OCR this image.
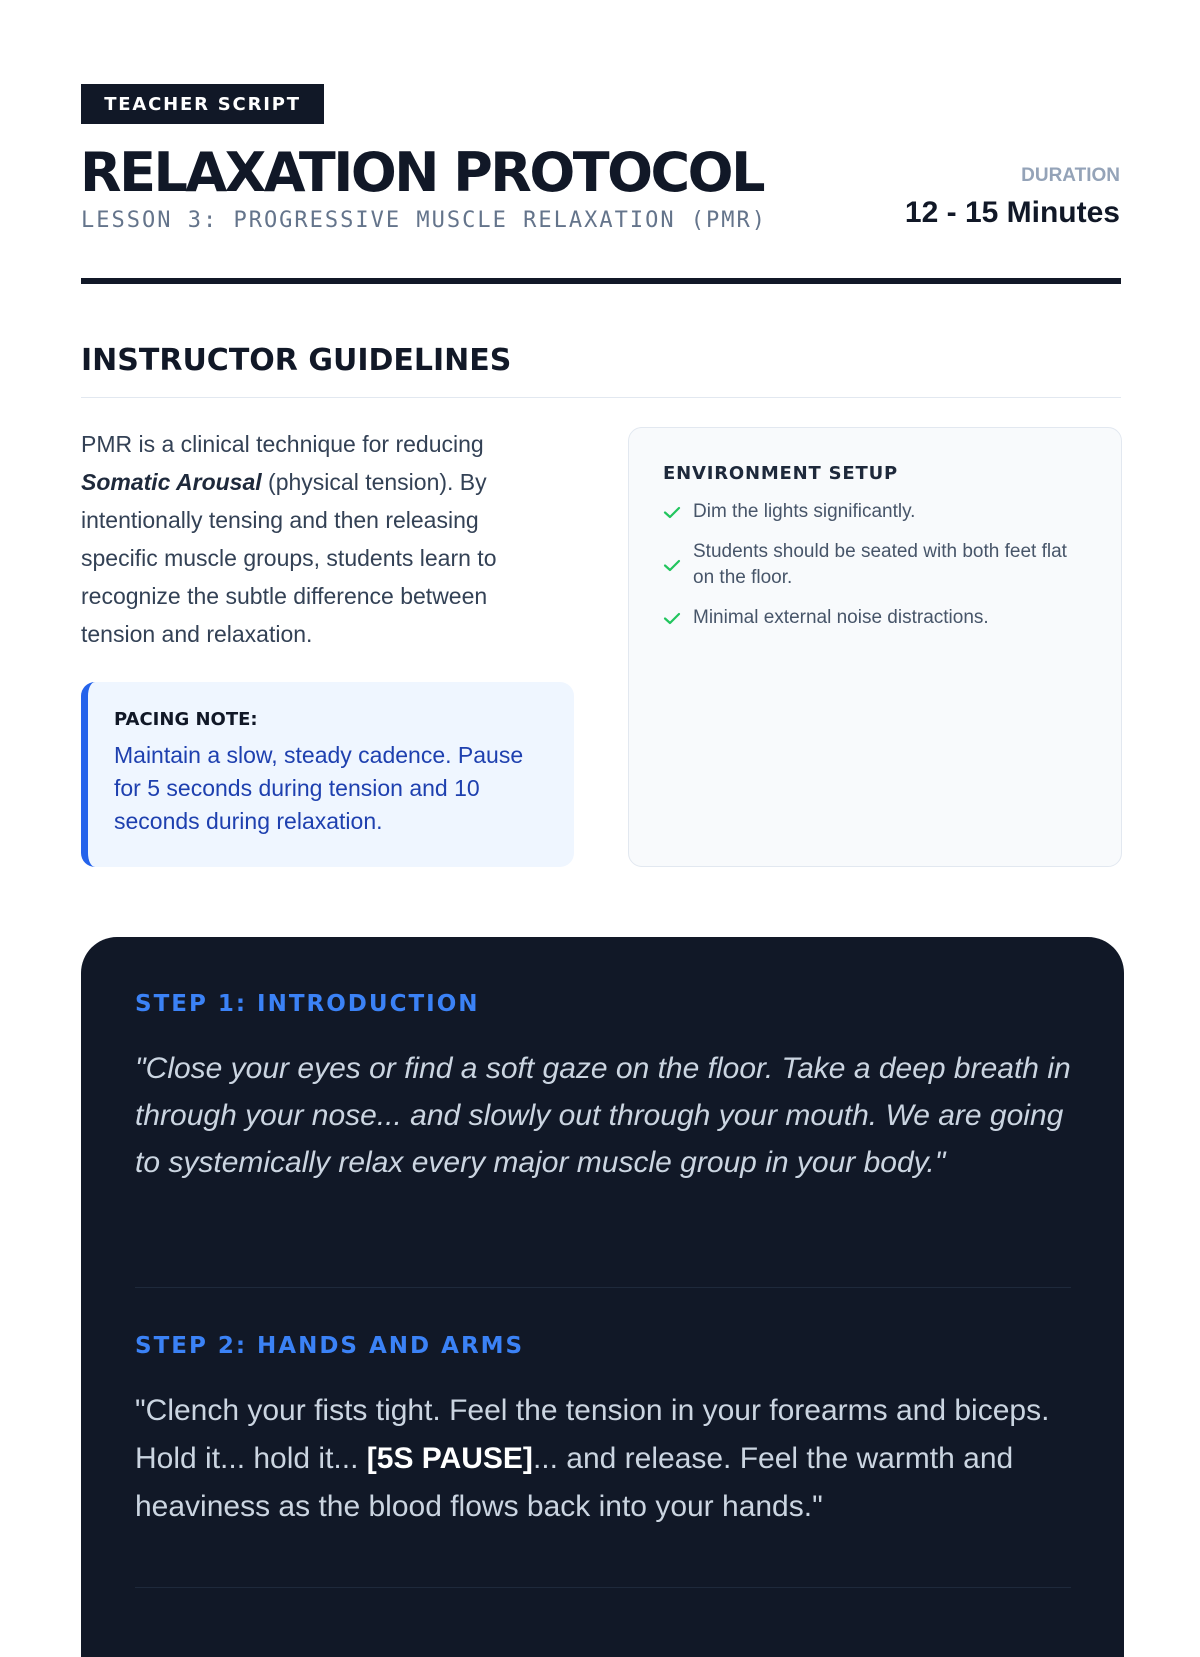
TEACHER SCRIPT
RELAXATION PROTOCOL
LESSON 3: PROGRESSIVE MUSCLE RELAXATION (PMR)
DURATION
12 - 15 Minutes
INSTRUCTOR GUIDELINES

PMR is a clinical technique for reducing Somatic Arousal (physical tension). By intentionally tensing and then releasing specific muscle groups, students learn to recognize the subtle difference between tension and relaxation.

PACING NOTE:
Maintain a slow, steady cadence. Pause for 5 seconds during tension and 10 seconds during relaxation.
ENVIRONMENT SETUP
Dim the lights significantly.
Students should be seated with both feet flat on the floor.
Minimal external noise distractions.
STEP 1: INTRODUCTION

"Close your eyes or find a soft gaze on the floor. Take a deep breath in through your nose... and slowly out through your mouth. We are going to systemically relax every major muscle group in your body."

STEP 2: HANDS AND ARMS

"Clench your fists tight. Feel the tension in your forearms and biceps. Hold it... hold it... [5S PAUSE]... and release. Feel the warmth and heaviness as the blood flows back into your hands."
